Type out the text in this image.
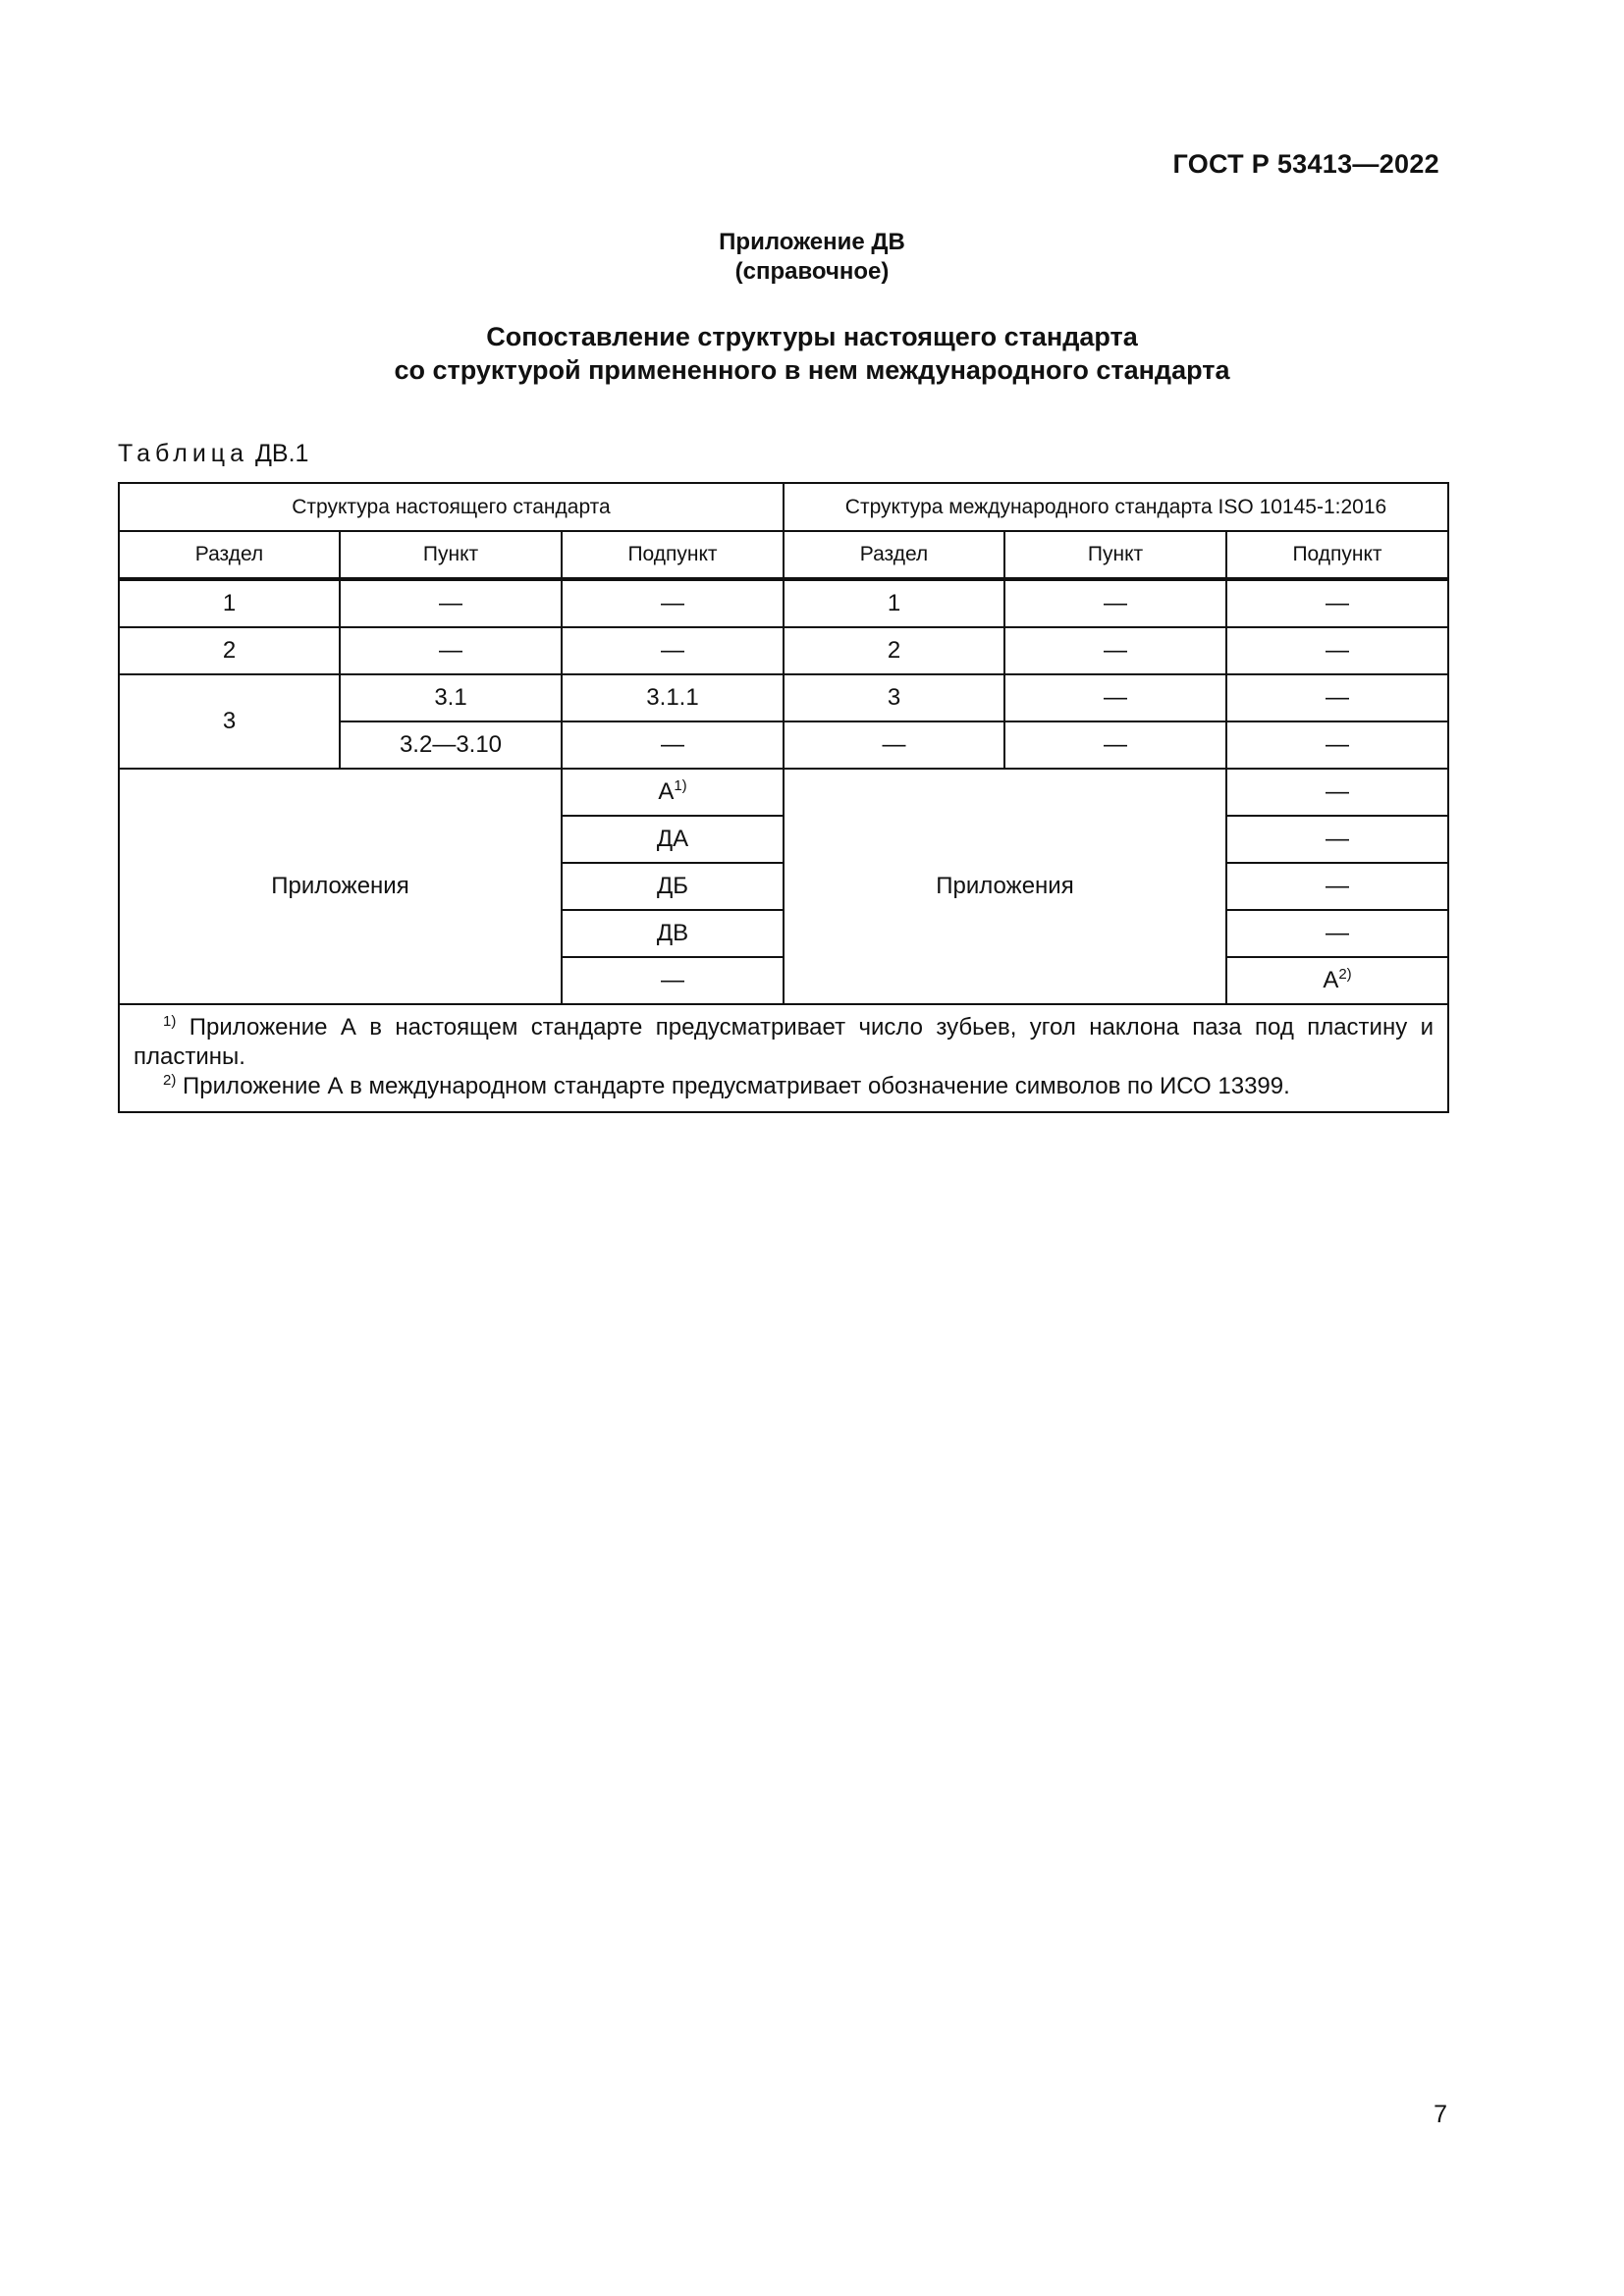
ГОСТ Р 53413—2022
Приложение ДВ
(справочное)
Сопоставление структуры настоящего стандарта
со структурой примененного в нем международного стандарта
Таблица ДВ.1
Структура настоящего стандарта			Структура международного стандарта ISO 10145-1:2016		
Раздел	Пункт	Подпункт	Раздел	Пункт	Подпункт
1	—	—	1	—	—
2	—	—	2	—	—
3	3.1	3.1.1	3	—	—
	3.2—3.10	—	—	—	—
Приложения		$А^{1)}$	Приложения		—
		ДА			—
		ДБ			—
		ДВ			—
		—			$А^{2)}$

$^{1)}$ Приложение А в настоящем стандарте предусматривает число зубьев, угол наклона паза под пластину и пластины.
$^{2)}$ Приложение А в международном стандарте предусматривает обозначение символов по ИСО 13399.					
7
